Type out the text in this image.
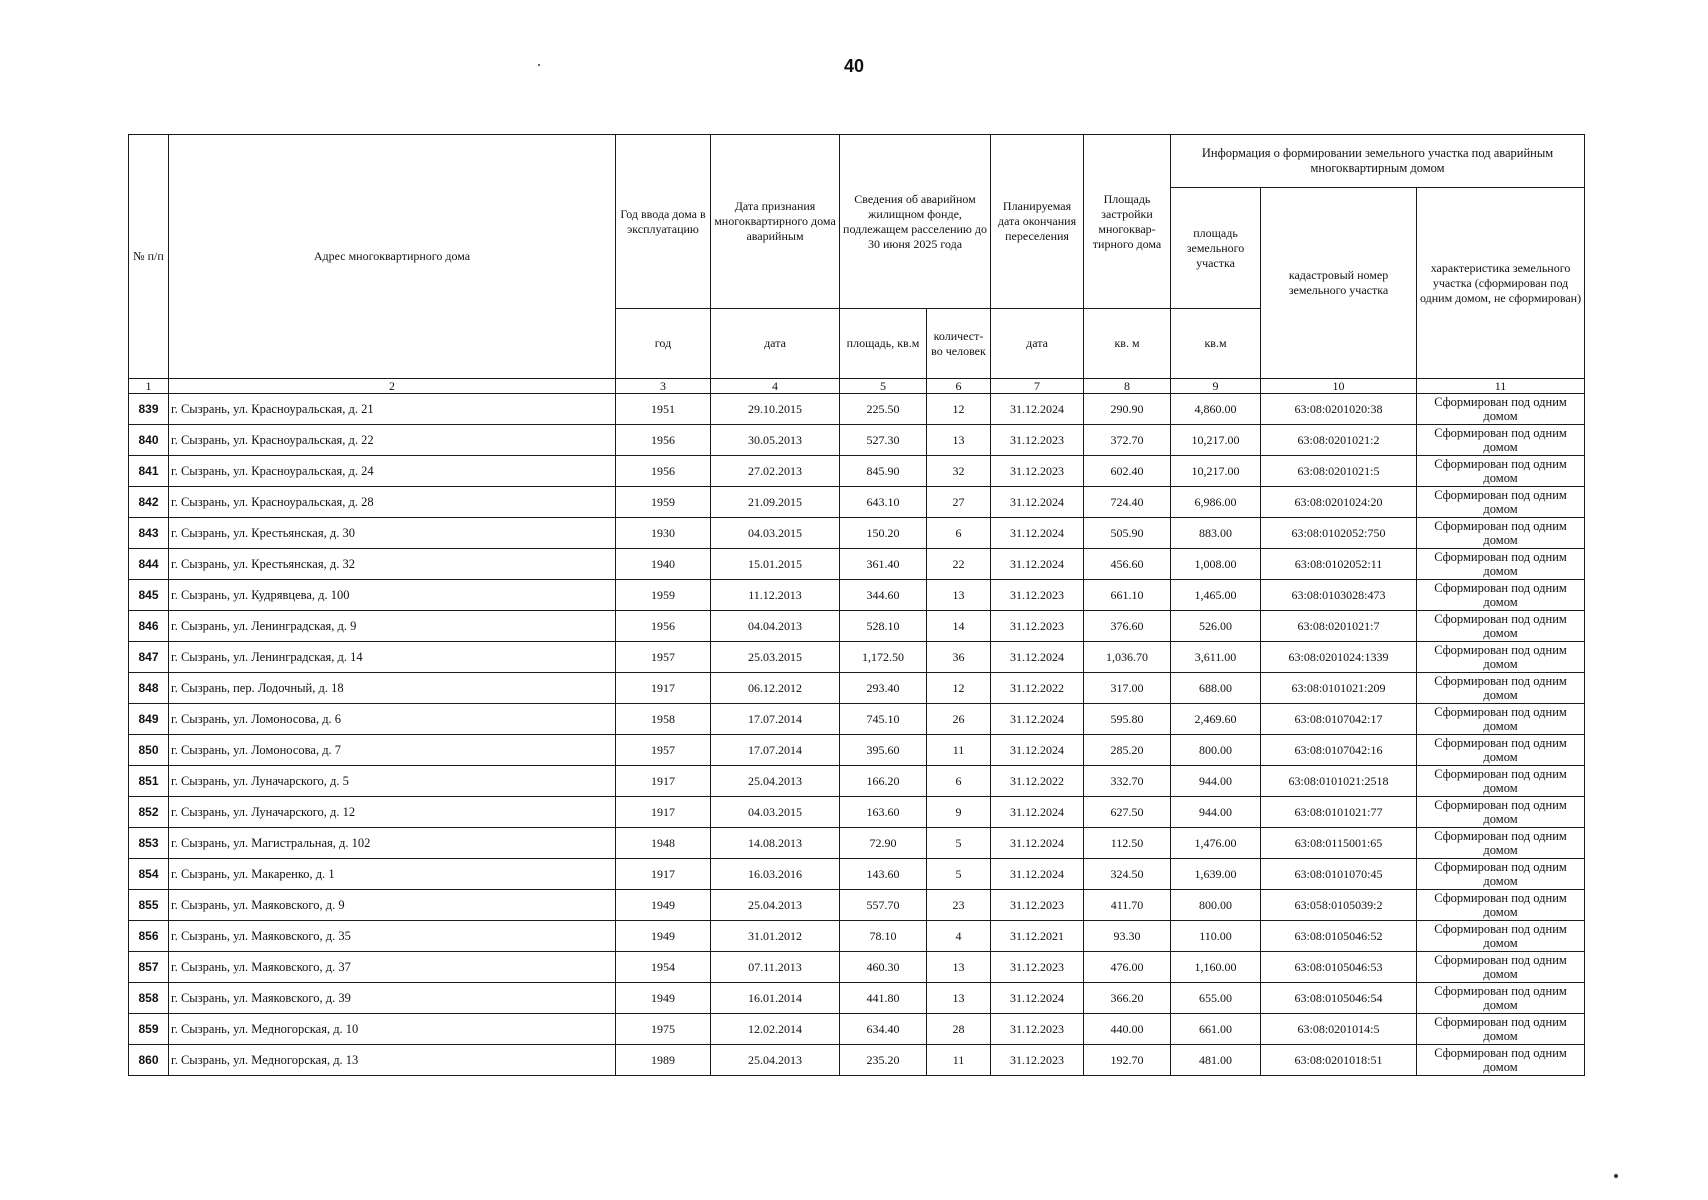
40
№ п/п	Адрес многоквартирного дома	Год ввода дома в эксплуатацию	Дата признания многоквартирного дома аварийным	Сведения об аварийном жилищном фонде, подлежащем расселению до 30 июня 2025 года		Планируемая дата окончания переселения	Площадь застройки многоквар-тирного дома	Информация о формировании земельного участка под аварийным многоквартирным домом		
								площадь земельного участка	кадастровый номер земельного участка	характеристика земельного участка (сформирован под одним домом, не сформирован)
		год	дата	площадь, кв.м	количест-во человек	дата	кв. м	кв.м		
1	2	3	4	5	6	7	8	9	10	11
839	г. Сызрань, ул. Красноуральская, д. 21	1951	29.10.2015	225.50	12	31.12.2024	290.90	4,860.00	63:08:0201020:38	Сформирован под одним домом
840	г. Сызрань, ул. Красноуральская, д. 22	1956	30.05.2013	527.30	13	31.12.2023	372.70	10,217.00	63:08:0201021:2	Сформирован под одним домом
841	г. Сызрань, ул. Красноуральская, д. 24	1956	27.02.2013	845.90	32	31.12.2023	602.40	10,217.00	63:08:0201021:5	Сформирован под одним домом
842	г. Сызрань, ул. Красноуральская, д. 28	1959	21.09.2015	643.10	27	31.12.2024	724.40	6,986.00	63:08:0201024:20	Сформирован под одним домом
843	г. Сызрань, ул. Крестьянская, д. 30	1930	04.03.2015	150.20	6	31.12.2024	505.90	883.00	63:08:0102052:750	Сформирован под одним домом
844	г. Сызрань, ул. Крестьянская, д. 32	1940	15.01.2015	361.40	22	31.12.2024	456.60	1,008.00	63:08:0102052:11	Сформирован под одним домом
845	г. Сызрань, ул. Кудрявцева, д. 100	1959	11.12.2013	344.60	13	31.12.2023	661.10	1,465.00	63:08:0103028:473	Сформирован под одним домом
846	г. Сызрань, ул. Ленинградская, д. 9	1956	04.04.2013	528.10	14	31.12.2023	376.60	526.00	63:08:0201021:7	Сформирован под одним домом
847	г. Сызрань, ул. Ленинградская, д. 14	1957	25.03.2015	1,172.50	36	31.12.2024	1,036.70	3,611.00	63:08:0201024:1339	Сформирован под одним домом
848	г. Сызрань, пер. Лодочный, д. 18	1917	06.12.2012	293.40	12	31.12.2022	317.00	688.00	63:08:0101021:209	Сформирован под одним домом
849	г. Сызрань, ул. Ломоносова, д. 6	1958	17.07.2014	745.10	26	31.12.2024	595.80	2,469.60	63:08:0107042:17	Сформирован под одним домом
850	г. Сызрань, ул. Ломоносова, д. 7	1957	17.07.2014	395.60	11	31.12.2024	285.20	800.00	63:08:0107042:16	Сформирован под одним домом
851	г. Сызрань, ул. Луначарского, д. 5	1917	25.04.2013	166.20	6	31.12.2022	332.70	944.00	63:08:0101021:2518	Сформирован под одним домом
852	г. Сызрань, ул. Луначарского, д. 12	1917	04.03.2015	163.60	9	31.12.2024	627.50	944.00	63:08:0101021:77	Сформирован под одним домом
853	г. Сызрань, ул. Магистральная, д. 102	1948	14.08.2013	72.90	5	31.12.2024	112.50	1,476.00	63:08:0115001:65	Сформирован под одним домом
854	г. Сызрань, ул. Макаренко, д. 1	1917	16.03.2016	143.60	5	31.12.2024	324.50	1,639.00	63:08:0101070:45	Сформирован под одним домом
855	г. Сызрань, ул. Маяковского, д. 9	1949	25.04.2013	557.70	23	31.12.2023	411.70	800.00	63:058:0105039:2	Сформирован под одним домом
856	г. Сызрань, ул. Маяковского, д. 35	1949	31.01.2012	78.10	4	31.12.2021	93.30	110.00	63:08:0105046:52	Сформирован под одним домом
857	г. Сызрань, ул. Маяковского, д. 37	1954	07.11.2013	460.30	13	31.12.2023	476.00	1,160.00	63:08:0105046:53	Сформирован под одним домом
858	г. Сызрань, ул. Маяковского, д. 39	1949	16.01.2014	441.80	13	31.12.2024	366.20	655.00	63:08:0105046:54	Сформирован под одним домом
859	г. Сызрань, ул. Медногорская, д. 10	1975	12.02.2014	634.40	28	31.12.2023	440.00	661.00	63:08:0201014:5	Сформирован под одним домом
860	г. Сызрань, ул. Медногорская, д. 13	1989	25.04.2013	235.20	11	31.12.2023	192.70	481.00	63:08:0201018:51	Сформирован под одним домом
